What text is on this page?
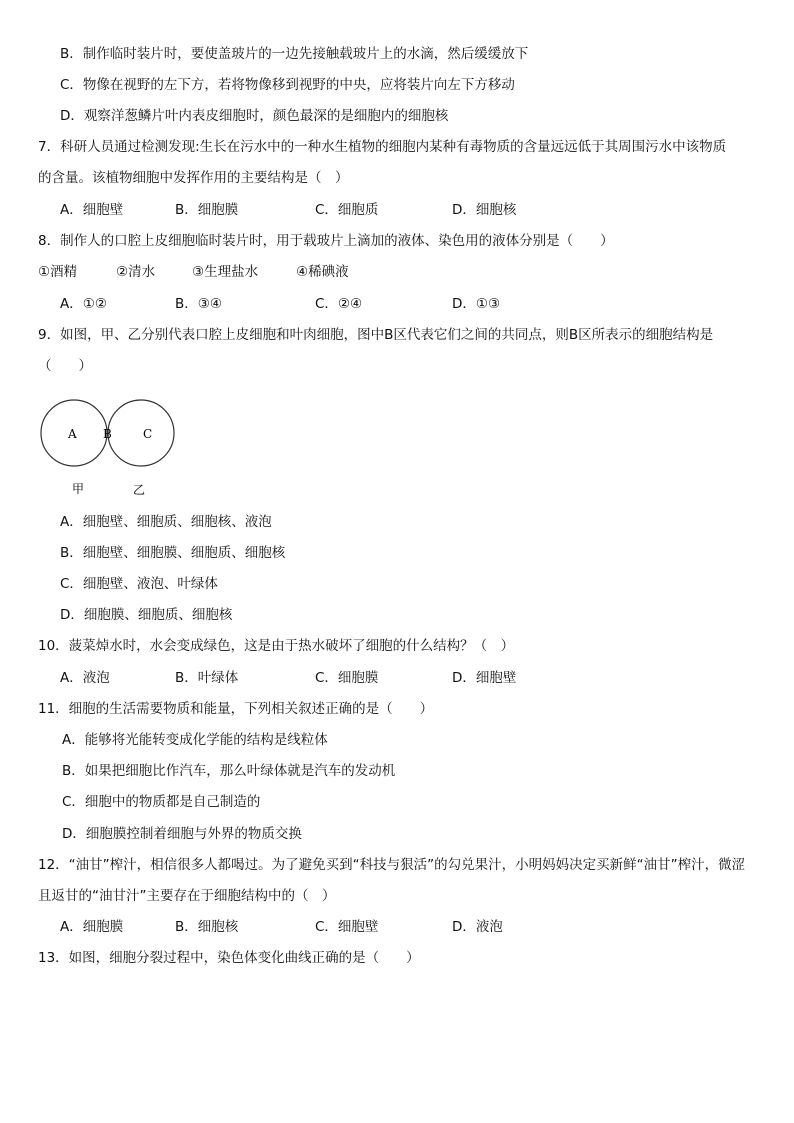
B．制作临时装片时，要使盖玻片的一边先接触载玻片上的水滴，然后缓缓放下
C．物像在视野的左下方，若将物像移到视野的中央，应将装片向左下方移动
D．观察洋葱鳞片叶内表皮细胞时，颜色最深的是细胞内的细胞核
7．科研人员通过检测发现:生长在污水中的一种水生植物的细胞内某种有毒物质的含量远远低于其周围污水中该物质
的含量。该植物细胞中发挥作用的主要结构是（　）
A．细胞壁	B．细胞膜	C．细胞质	D．细胞核
8．制作人的口腔上皮细胞临时装片时，用于载玻片上滴加的液体、染色用的液体分别是（　　）
①酒精	②清水	③生理盐水	④稀碘液
A．①②	B．③④	C．②④	D．①③
9．如图，甲、乙分别代表口腔上皮细胞和叶肉细胞，图中B区代表它们之间的共同点，则B区所表示的细胞结构是
（　　）
A B	C
甲	乙
A．细胞壁、细胞质、细胞核、液泡
B．细胞壁、细胞膜、细胞质、细胞核
C．细胞壁、液泡、叶绿体
D．细胞膜、细胞质、细胞核
10．菠菜焯水时，水会变成绿色，这是由于热水破坏了细胞的什么结构？（　）
A．液泡	B．叶绿体	C．细胞膜	D．细胞壁
11．细胞的生活需要物质和能量，下列相关叙述正确的是（　　）
A．能够将光能转变成化学能的结构是线粒体
B．如果把细胞比作汽车，那么叶绿体就是汽车的发动机
C．细胞中的物质都是自己制造的
D．细胞膜控制着细胞与外界的物质交换
12．“油甘”榨汁，相信很多人都喝过。为了避免买到“科技与狠活”的勾兑果汁，小明妈妈决定买新鲜“油甘”榨汁，微涩
且返甘的“油甘汁”主要存在于细胞结构中的（　）
A．细胞膜	B．细胞核	C．细胞壁	D．液泡
13．如图，细胞分裂过程中，染色体变化曲线正确的是（　　）
